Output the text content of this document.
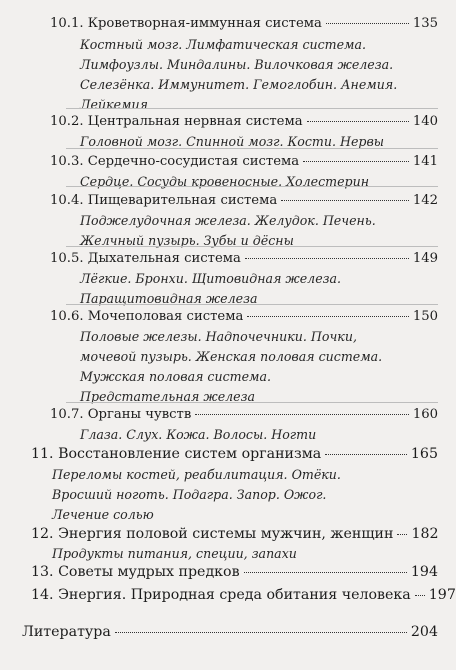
10.1. Кроветворная-иммунная система	135
Костный мозг. Лимфатическая система.
Лимфоузлы. Миндалины. Вилочковая железа.
Селезёнка. Иммунитет. Гемоглобин. Анемия.
Лейкемия
10.2. Центральная нервная система	140
Головной мозг. Спинной мозг. Кости. Нервы
10.3. Сердечно-сосудистая система	141
Сердце. Сосуды кровеносные. Холестерин
10.4. Пищеварительная система	142
Поджелудочная железа. Желудок. Печень.
Желчный пузырь. Зубы и дёсны
10.5. Дыхательная система	149
Лёгкие. Бронхи. Щитовидная железа.
Паращитовидная железа
10.6. Мочеполовая система	150
Половые железы. Надпочечники. Почки,
мочевой пузырь. Женская половая система.
Мужская половая система.
Предстательная железа
10.7. Органы чувств	160
Глаза. Слух. Кожа. Волосы. Ногти
11. Восстановление систем организма	165
Переломы костей, реабилитация. Отёки.
Вросший ноготь. Подагра. Запор. Ожог.
Лечение солью
12. Энергия половой системы мужчин, женщин 182
Продукты питания, специи, запахи
13. Советы мудрых предков	194
14. Энергия. Природная среда обитания человека 197
Литература	204
